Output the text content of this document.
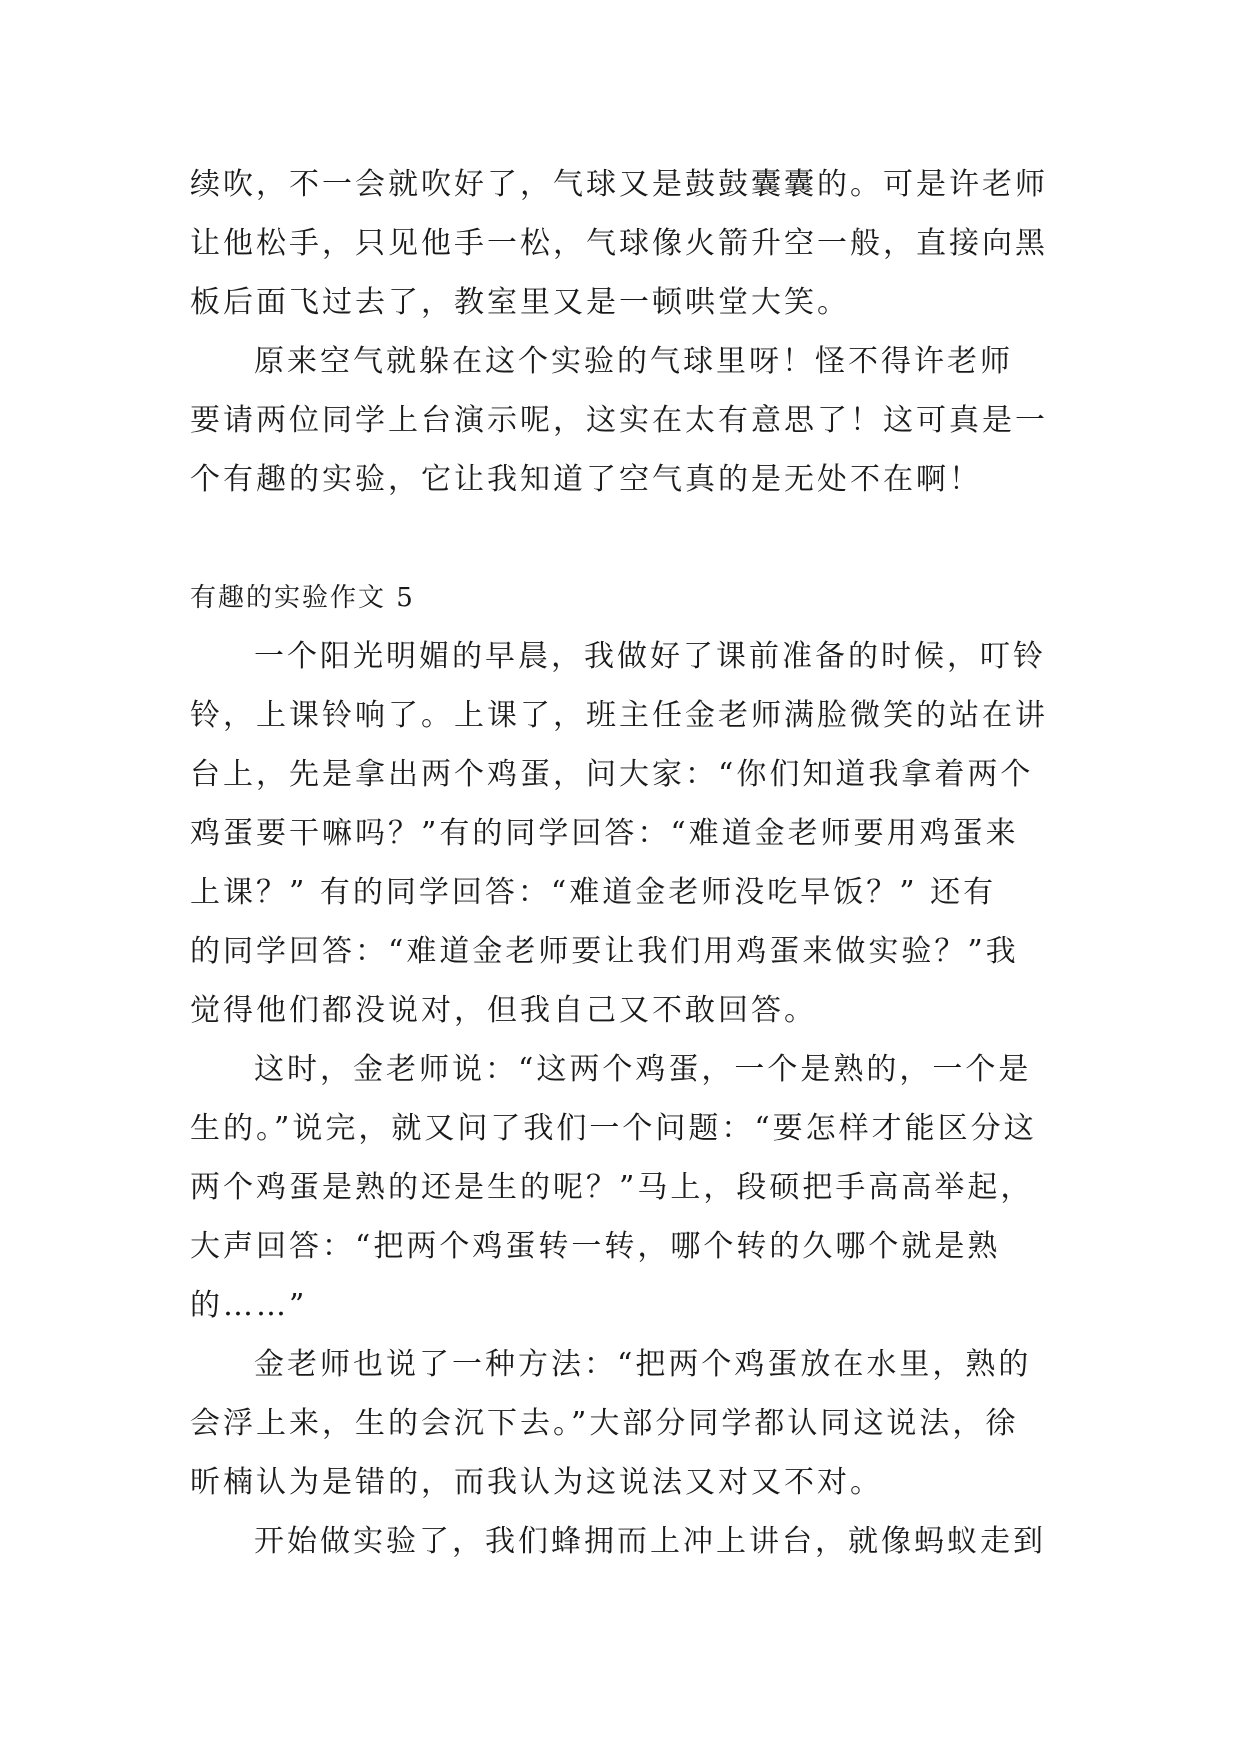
续吹，不一会就吹好了，气球又是鼓鼓囊囊的。可是许老师
让他松手，只见他手一松，气球像火箭升空一般，直接向黑
板后面飞过去了，教室里又是一顿哄堂大笑。
原来空气就躲在这个实验的气球里呀！怪不得许老师
要请两位同学上台演示呢，这实在太有意思了！这可真是一
个有趣的实验，它让我知道了空气真的是无处不在啊！
有趣的实验作文 5
一个阳光明媚的早晨，我做好了课前准备的时候，叮铃
铃，上课铃响了。上课了，班主任金老师满脸微笑的站在讲
台上，先是拿出两个鸡蛋，问大家：“你们知道我拿着两个
鸡蛋要干嘛吗？”有的同学回答：“难道金老师要用鸡蛋来
上课？” 有的同学回答：“难道金老师没吃早饭？” 还有
的同学回答：“难道金老师要让我们用鸡蛋来做实验？”我
觉得他们都没说对，但我自己又不敢回答。
这时，金老师说：“这两个鸡蛋，一个是熟的，一个是
生的。”说完，就又问了我们一个问题：“要怎样才能区分这
两个鸡蛋是熟的还是生的呢？”马上，段硕把手高高举起，
大声回答：“把两个鸡蛋转一转，哪个转的久哪个就是熟
的……”
金老师也说了一种方法：“把两个鸡蛋放在水里，熟的
会浮上来，生的会沉下去。”大部分同学都认同这说法，徐
昕楠认为是错的，而我认为这说法又对又不对。
开始做实验了，我们蜂拥而上冲上讲台，就像蚂蚁走到
